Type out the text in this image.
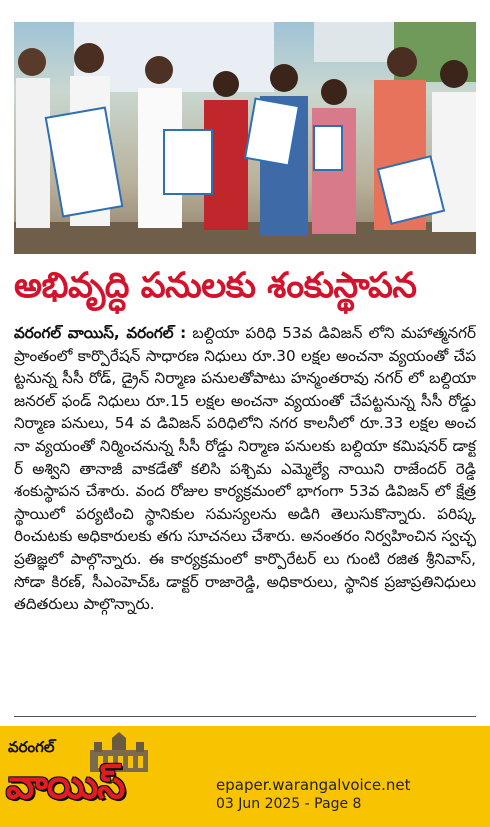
అభివృద్ధి పనులకు శంకుస్థాపన

వరంగల్ వాయిస్, వరంగల్ : బల్దియా పరిధి 53వ డివిజన్ లోని మహాత్మనగర్ ప్రాంతంలో కార్పొరేషన్ సాధారణ నిధులు రూ.30 లక్షల అంచనా వ్యయంతో చేపట్టనున్న సీసీ రోడ్, డ్రైన్ నిర్మాణ పనులతోపాటు హన్మంతరావు నగర్ లో బల్దియా జనరల్ ఫండ్ నిధులు రూ.15 లక్షల అంచనా వ్యయంతో చేపట్టనున్న సీసీ రోడ్డు నిర్మాణ పనులు, 54 వ డివిజన్ పరిధిలోని నగర కాలనీలో రూ.33 లక్షల అంచనా వ్యయంతో నిర్మించనున్న సీసీ రోడ్డు నిర్మాణ పనులకు బల్దియా కమిషనర్ డాక్టర్ అశ్విని తానాజీ వాకడేతో కలిసి పశ్చిమ ఎమ్మెల్యే నాయిని రాజేందర్ రెడ్డి శంకుస్థాపన చేశారు. వంద రోజుల కార్యక్రమంలో భాగంగా 53వ డివిజన్ లో క్షేత్ర స్థాయిలో పర్యటించి స్థానికుల సమస్యలను అడిగి తెలుసుకొన్నారు. పరిష్కరించుటకు అధికారులకు తగు సూచనలు చేశారు. అనంతరం నిర్వహించిన స్వచ్ఛ ప్రతిజ్ఞలో పాల్గొన్నారు. ఈ కార్యక్రమంలో కార్పొరేటర్ లు గుంటి రజిత శ్రీనివాస్, సోడా కిరణ్, సీఎంహెచ్ఓ డాక్టర్ రాజారెడ్డి, అధికారులు, స్థానిక ప్రజాప్రతినిధులు తదితరులు పాల్గొన్నారు.

వరంగల్
వాయిస్	epaper.warangalvoice.net
03 Jun 2025 - Page 8
